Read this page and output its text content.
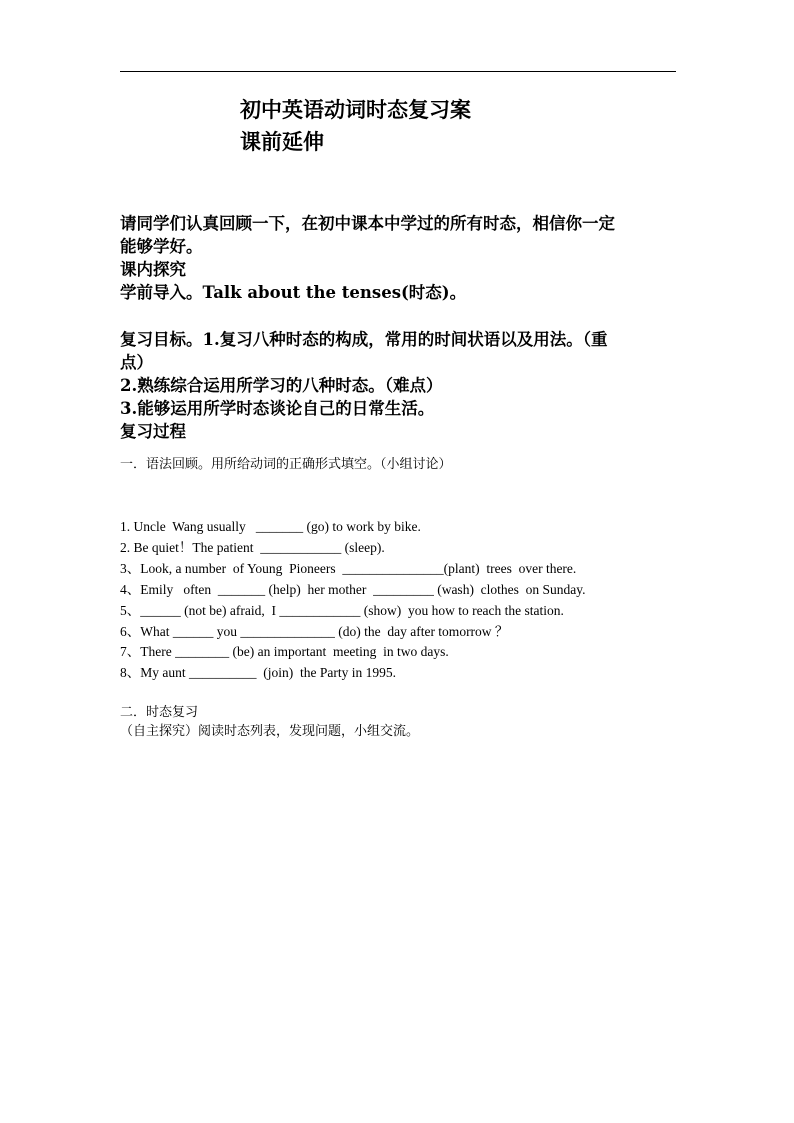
初中英语动词时态复习案
课前延伸

请同学们认真回顾一下，在初中课本中学过的所有时态，相信你一定

能够学好。

课内探究

学前导入。Talk about the tenses(时态)。

复习目标。1.复习八种时态的构成，常用的时间状语以及用法。（重

点）

2.熟练综合运用所学习的八种时态。（难点）

3.能够运用所学时态谈论自己的日常生活。

复习过程

一．语法回顾。用所给动词的正确形式填空。（小组讨论）
1. Uncle  Wang usually   _______ (go) to work by bike.
2. Be quiet！The patient  ____________ (sleep).
3、Look, a number  of Young  Pioneers  _______________(plant)  trees  over there.
4、Emily   often  _______ (help)  her mother  _________ (wash)  clothes  on Sunday.
5、______ (not be) afraid,  I ____________ (show)  you how to reach the station.
6、What ______ you ______________ (do) the  day after tomorrow ？
7、There ________ (be) an important  meeting  in two days.
8、My aunt __________  (join)  the Party in 1995.
二．时态复习
（自主探究）阅读时态列表，发现问题，小组交流。
